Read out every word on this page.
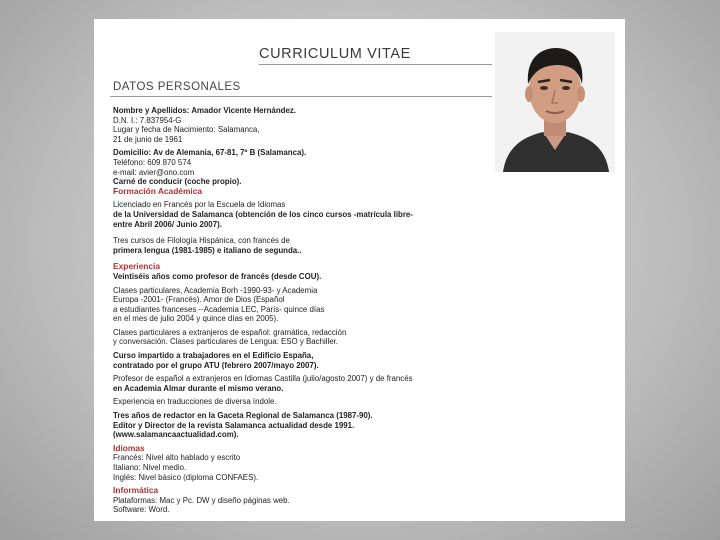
CURRICULUM VITAE
DATOS PERSONALES
Nombre y Apellidos: Amador Vicente Hernández.
D.N. I.: 7.837954-G
Lugar y fecha de Nacimiento: Salamanca,
21 de junio de 1961
Domicilio: Av de Alemania, 67-81, 7º B (Salamanca).
Teléfono: 609 870 574
e-mail: avier@ono.com
Carné de conducir (coche propio).
Formación Académica
Licenciado en Francés por la Escuela de Idiomas
de la Universidad de Salamanca (obtención de los cinco cursos -matrícula libre-
entre Abril 2006/ Junio 2007).
Tres cursos de Filología Hispánica, con francés de
primera lengua (1981-1985) e italiano de segunda..
Experiencia
Veintiséis años como profesor de francés (desde COU).
Clases particulares, Academia Borh -1990-93- y Academia
Europa -2001- (Francés). Amor de Dios (Español
a estudiantes franceses --Academia LEC, París- quince días
en el mes de julio 2004 y quince días en 2005).
Clases particulares a extranjeros de español: gramática, redacción
y conversación. Clases particulares de Lengua: ESO y Bachiller.
Curso impartido a trabajadores en el Edificio España,
contratado por el grupo ATU (febrero 2007/mayo 2007).
Profesor de español a extranjeros en Idiomas Castilla (julio/agosto 2007) y de francés
en Academia Almar durante el mismo verano.
Experiencia en traducciones de diversa índole.
Tres años de redactor en la Gaceta Regional de Salamanca (1987-90).
Editor y Director de la revista Salamanca actualidad desde 1991.
(www.salamancaactualidad.com).
Idiomas
Francés: Nivel alto hablado y escrito
Italiano: Nivel medio.
Inglés: Nivel básico (diploma CONFAES).
Informática
Plataformas: Mac y Pc. DW y diseño páginas web.
Software: Word.
